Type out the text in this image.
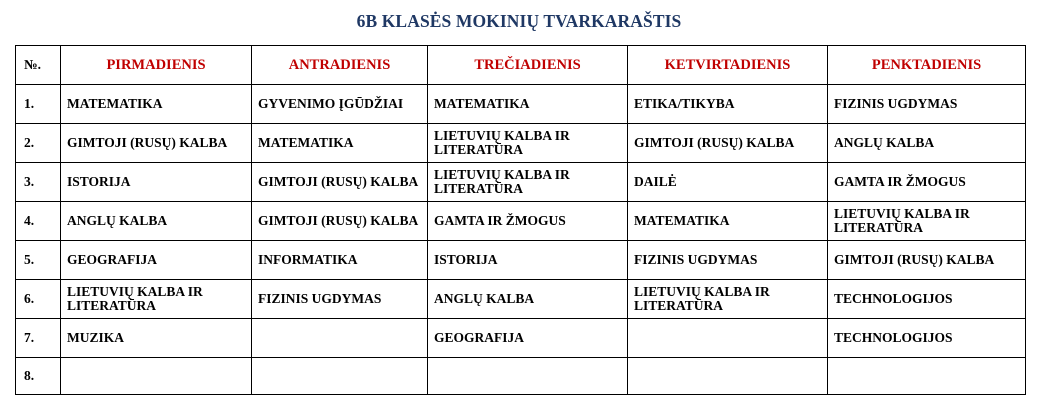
6B KLASĖS MOKINIŲ TVARKARAŠTIS
№.	PIRMADIENIS	ANTRADIENIS	TREČIADIENIS	KETVIRTADIENIS	PENKTADIENIS
1.	MATEMATIKA	GYVENIMO ĮGŪDŽIAI	MATEMATIKA	ETIKA/TIKYBA	FIZINIS UGDYMAS
2.	GIMTOJI (RUSŲ) KALBA	MATEMATIKA	LIETUVIŲ KALBA IR LITERATŪRA	GIMTOJI (RUSŲ) KALBA	ANGLŲ KALBA
3.	ISTORIJA	GIMTOJI (RUSŲ) KALBA	LIETUVIŲ KALBA IR LITERATŪRA	DAILĖ	GAMTA IR ŽMOGUS
4.	ANGLŲ KALBA	GIMTOJI (RUSŲ) KALBA	GAMTA IR ŽMOGUS	MATEMATIKA	LIETUVIŲ KALBA IR LITERATŪRA
5.	GEOGRAFIJA	INFORMATIKA	ISTORIJA	FIZINIS UGDYMAS	GIMTOJI (RUSŲ) KALBA
6.	LIETUVIŲ KALBA IR LITERATŪRA	FIZINIS UGDYMAS	ANGLŲ KALBA	LIETUVIŲ KALBA IR LITERATŪRA	TECHNOLOGIJOS
7.	MUZIKA		GEOGRAFIJA		TECHNOLOGIJOS
8.					
